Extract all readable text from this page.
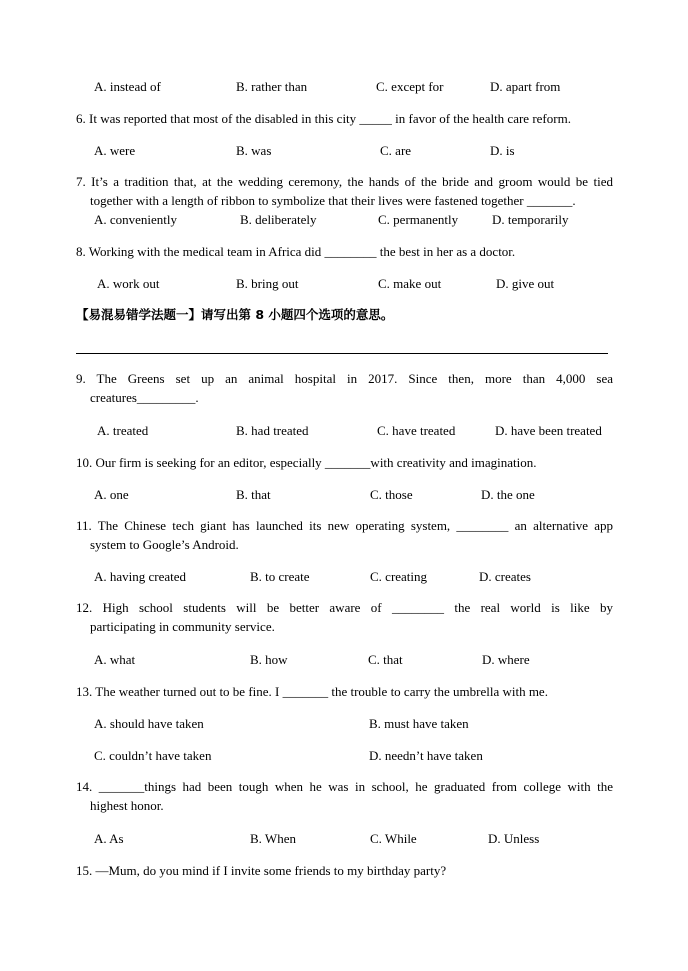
A. instead of	B. rather than	C. except for	D. apart from
6. It was reported that most of the disabled in this city _____ in favor of the health care reform.
A. were	B. was	C. are	D. is
7. It’s a tradition that, at the wedding ceremony, the hands of the bride and groom would be tied
together with a length of ribbon to symbolize that their lives were fastened together _______.
A. conveniently	B. deliberately	C. permanently	D. temporarily
8. Working with the medical team in Africa did ________ the best in her as a doctor.
A. work out	B. bring out	C. make out	D. give out
【易混易错学法题一】请写出第 8 小题四个选项的意思。
9. The Greens set up an animal hospital in 2017. Since then, more than 4,000 sea
creatures_________.
A. treated	B. had treated	C. have treated	D. have been treated
10. Our firm is seeking for an editor, especially _______with creativity and imagination.
A. one	B. that	C. those	D. the one
11. The Chinese tech giant has launched its new operating system, ________ an alternative app
system to Google’s Android.
A. having created	B. to create	C. creating	D. creates
12. High school students will be better aware of ________ the real world is like by
participating in community service.
A. what	B. how	C. that	D. where
13. The weather turned out to be fine. I _______ the trouble to carry the umbrella with me.
A. should have taken	B. must have taken
C. couldn’t have taken	D. needn’t have taken
14. _______things had been tough when he was in school, he graduated from college with the
highest honor.
A. As	B. When	C. While	D. Unless
15. —Mum, do you mind if I invite some friends to my birthday party?
